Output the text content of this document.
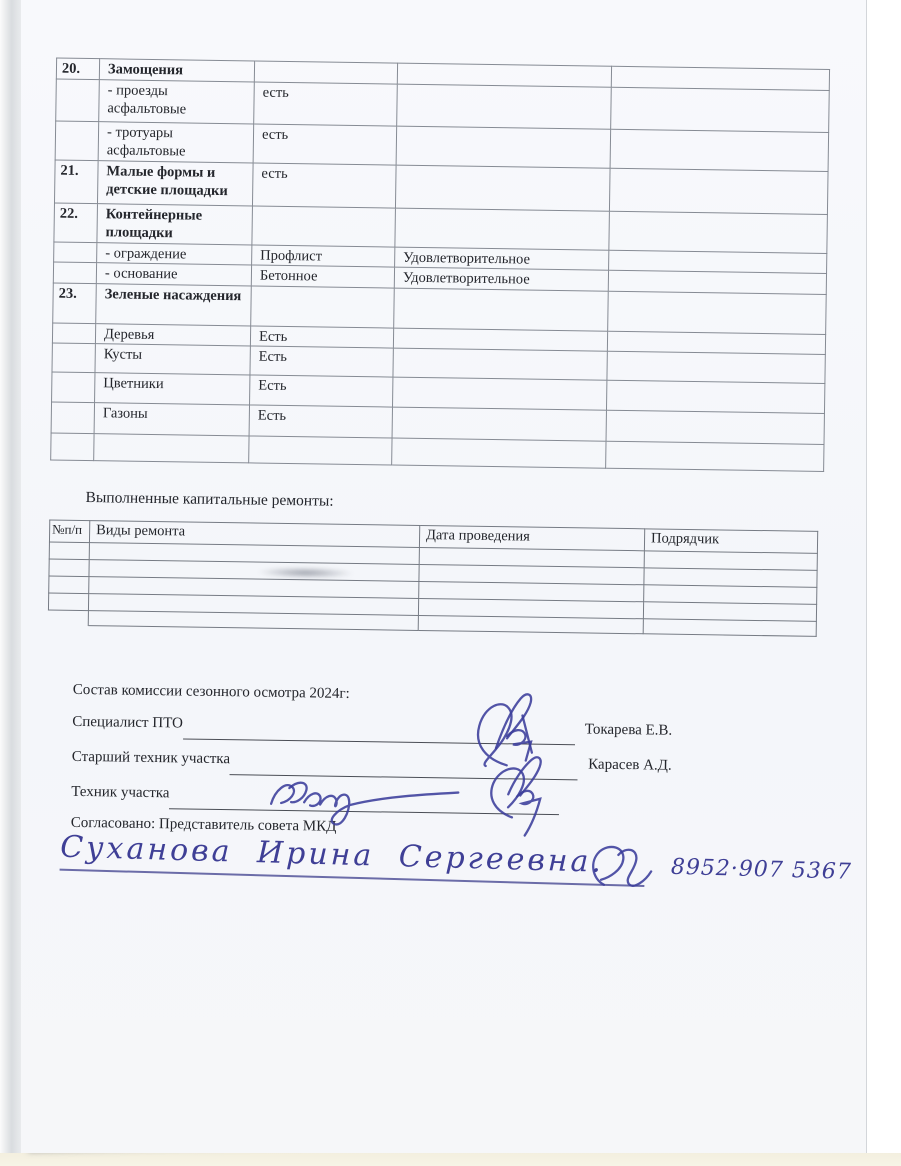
20.	Замощения			
	- проезды асфальтовые	есть		
	- тротуары асфальтовые	есть		
21.	Малые формы и детские площадки	есть		
22.	Контейнерные площадки			
	- ограждение	Профлист	Удовлетворительное	
	- основание	Бетонное	Удовлетворительное	
23.	Зеленые насаждения			
	Деревья	Есть		
	Кусты	Есть		
	Цветники	Есть		
	Газоны	Есть		

Выполненные капитальные ремонты:
№п/п	Виды ремонта	Дата проведения	Подрядчик

Состав комиссии сезонного осмотра 2024г:
Специалист ПТО	Токарева Е.В.
Старший техник участка	Карасев А.Д.
Техник участка
Согласовано: Представитель совета МКД
Суханова Ирина Сергеевна.	8952·907 5367
